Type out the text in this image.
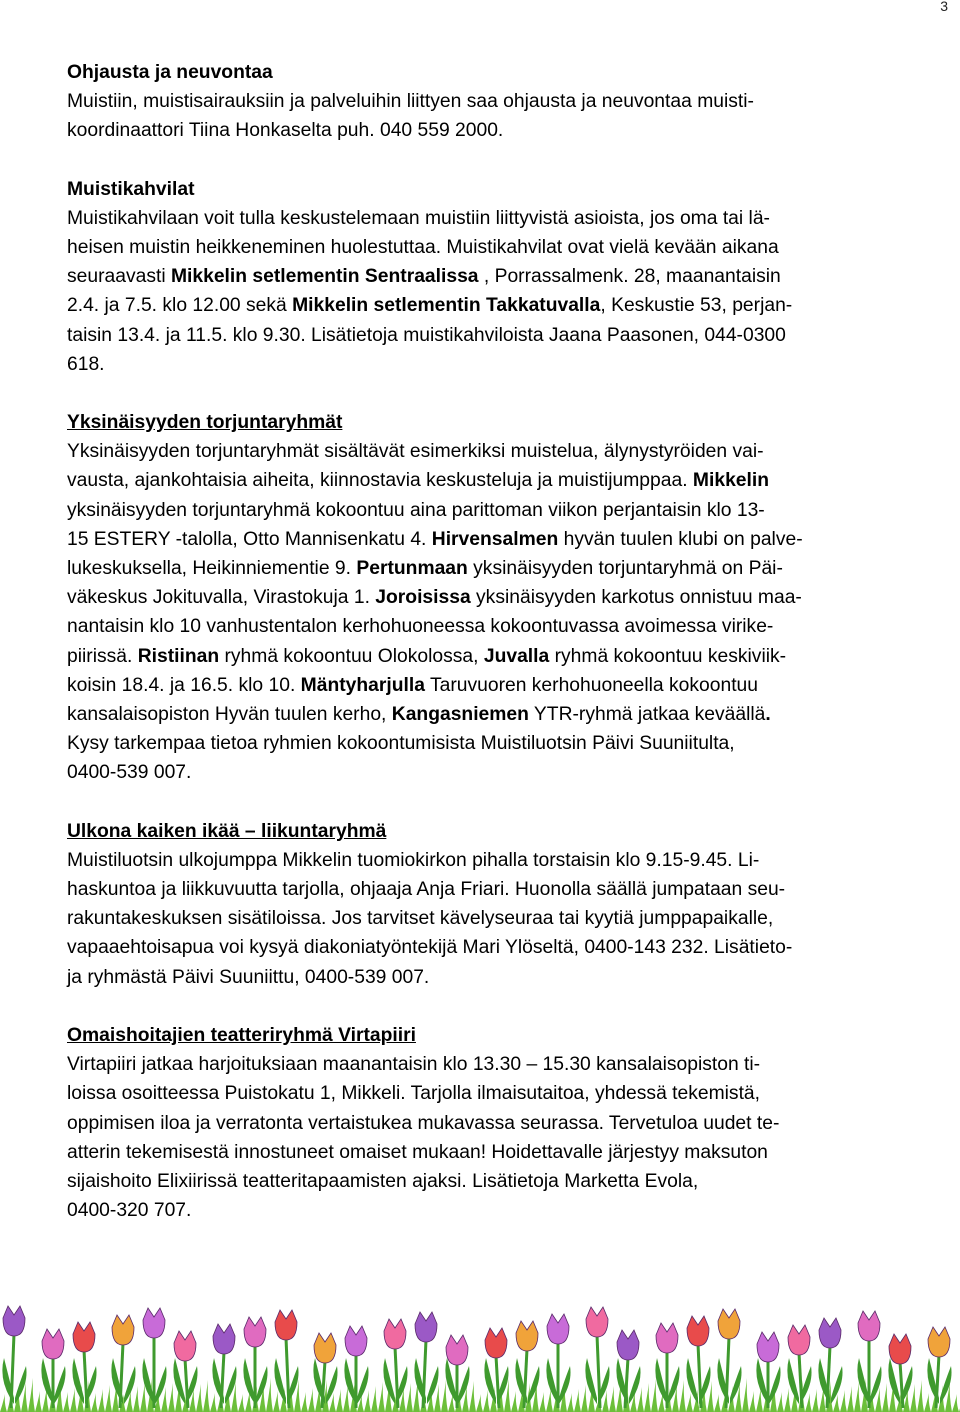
3
Ohjausta ja neuvontaa
Muistiin, muistisairauksiin ja palveluihin liittyen saa ohjausta ja neuvontaa muisti-
koordinaattori Tiina Honkaselta puh. 040 559 2000.
Muistikahvilat
Muistikahvilaan voit tulla keskustelemaan muistiin liittyvistä asioista, jos oma tai lä-
heisen muistin heikkeneminen huolestuttaa. Muistikahvilat ovat vielä kevään aikana
seuraavasti Mikkelin setlementin Sentraalissa , Porrassalmenk. 28, maanantaisin
2.4. ja 7.5. klo 12.00 sekä Mikkelin setlementin Takkatuvalla, Keskustie 53, perjan-
taisin 13.4. ja 11.5. klo 9.30. Lisätietoja muistikahviloista Jaana Paasonen, 044-0300
618.
Yksinäisyyden torjuntaryhmät
Yksinäisyyden torjuntaryhmät sisältävät esimerkiksi muistelua, älynystyröiden vai-
vausta, ajankohtaisia aiheita, kiinnostavia keskusteluja ja muistijumppaa. Mikkelin
yksinäisyyden torjuntaryhmä kokoontuu aina parittoman viikon perjantaisin klo 13-
15 ESTERY -talolla, Otto Mannisenkatu 4. Hirvensalmen hyvän tuulen klubi on palve-
lukeskuksella, Heikinniementie 9. Pertunmaan yksinäisyyden torjuntaryhmä on Päi-
väkeskus Jokituvalla, Virastokuja 1. Joroisissa yksinäisyyden karkotus onnistuu maa-
nantaisin klo 10 vanhustentalon kerhohuoneessa kokoontuvassa avoimessa virike-
piirissä. Ristiinan ryhmä kokoontuu Olokolossa, Juvalla ryhmä kokoontuu keskiviik-
koisin 18.4. ja 16.5. klo 10. Mäntyharjulla Taruvuoren kerhohuoneella kokoontuu
kansalaisopiston Hyvän tuulen kerho, Kangasniemen YTR-ryhmä jatkaa keväällä.
Kysy tarkempaa tietoa ryhmien kokoontumisista Muistiluotsin Päivi Suuniitulta,
0400-539 007.
Ulkona kaiken ikää – liikuntaryhmä
Muistiluotsin ulkojumppa Mikkelin tuomiokirkon pihalla torstaisin klo 9.15-9.45. Li-
haskuntoa ja liikkuvuutta tarjolla, ohjaaja Anja Friari. Huonolla säällä jumpataan seu-
rakuntakeskuksen sisätiloissa. Jos tarvitset kävelyseuraa tai kyytiä jumppapaikalle,
vapaaehtoisapua voi kysyä diakoniatyöntekijä Mari Ylöseltä, 0400-143 232. Lisätieto-
ja ryhmästä Päivi Suuniittu, 0400-539 007.
Omaishoitajien teatteriryhmä Virtapiiri
Virtapiiri jatkaa harjoituksiaan maanantaisin klo 13.30 – 15.30 kansalaisopiston ti-
loissa osoitteessa Puistokatu 1, Mikkeli. Tarjolla ilmaisutaitoa, yhdessä tekemistä,
oppimisen iloa ja verratonta vertaistukea mukavassa seurassa. Tervetuloa uudet te-
atterin tekemisestä innostuneet omaiset mukaan! Hoidettavalle järjestyy maksuton
sijaishoito Elixiirissä teatteritapaamisten ajaksi. Lisätietoja Marketta Evola,
0400-320 707.
